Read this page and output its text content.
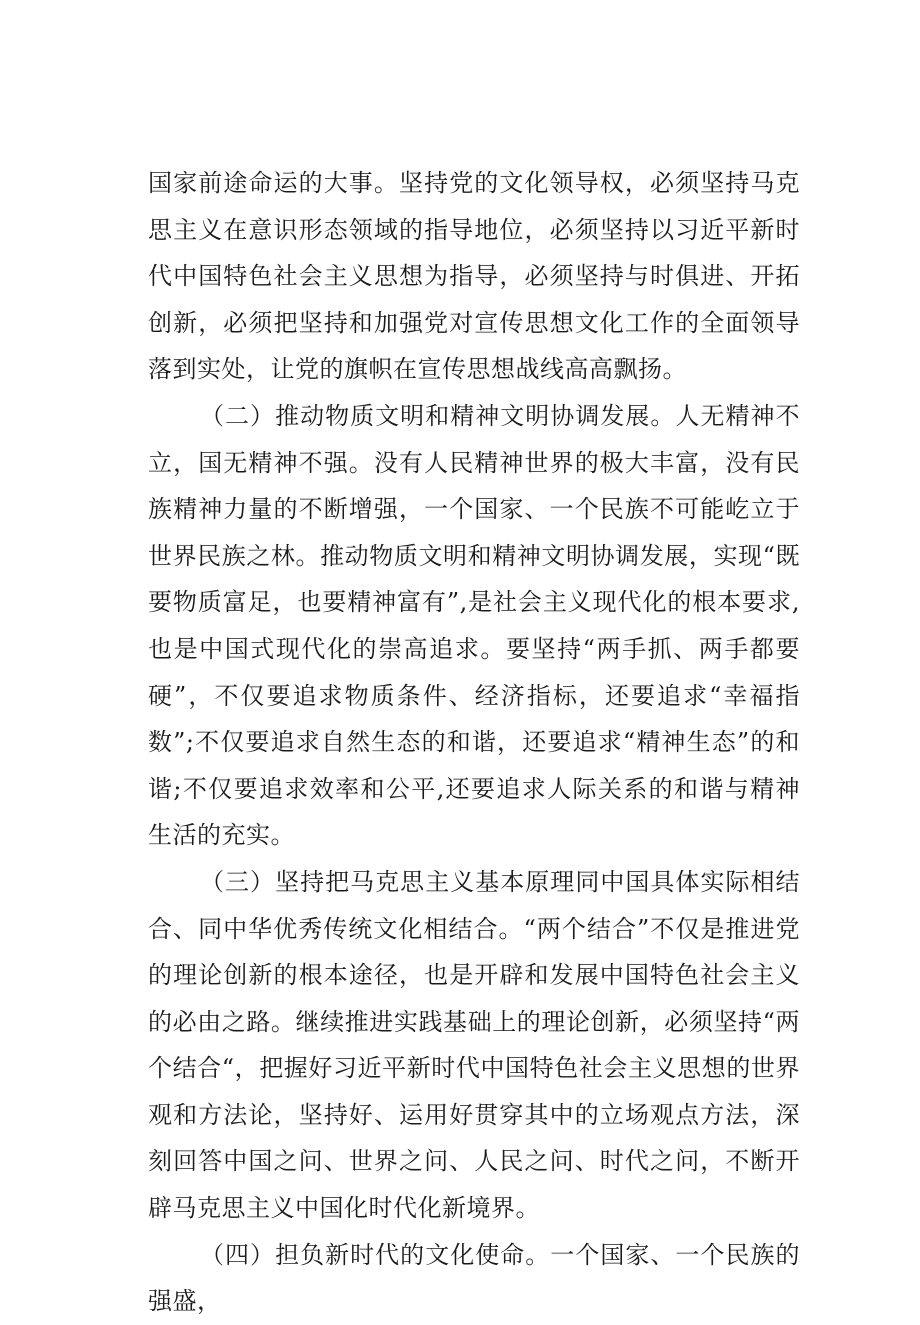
国家前途命运的大事。坚持党的文化领导权，必须坚持马克思主义在意识形态领域的指导地位，必须坚持以习近平新时代中国特色社会主义思想为指导，必须坚持与时俱进、开拓创新，必须把坚持和加强党对宣传思想文化工作的全面领导落到实处，让党的旗帜在宣传思想战线高高飘扬。

（二）推动物质文明和精神文明协调发展。人无精神不立，国无精神不强。没有人民精神世界的极大丰富，没有民族精神力量的不断增强，一个国家、一个民族不可能屹立于世界民族之林。推动物质文明和精神文明协调发展，实现“既要物质富足，也要精神富有”,是社会主义现代化的根本要求,也是中国式现代化的崇高追求。要坚持“两手抓、两手都要硬”，不仅要追求物质条件、经济指标，还要追求“幸福指数”;不仅要追求自然生态的和谐，还要追求“精神生态”的和谐;不仅要追求效率和公平,还要追求人际关系的和谐与精神生活的充实。

（三）坚持把马克思主义基本原理同中国具体实际相结合、同中华优秀传统文化相结合。“两个结合”不仅是推进党的理论创新的根本途径，也是开辟和发展中国特色社会主义的必由之路。继续推进实践基础上的理论创新，必须坚持“两个结合“，把握好习近平新时代中国特色社会主义思想的世界观和方法论，坚持好、运用好贯穿其中的立场观点方法，深刻回答中国之问、世界之问、人民之问、时代之问，不断开辟马克思主义中国化时代化新境界。

（四）担负新时代的文化使命。一个国家、一个民族的强盛，
